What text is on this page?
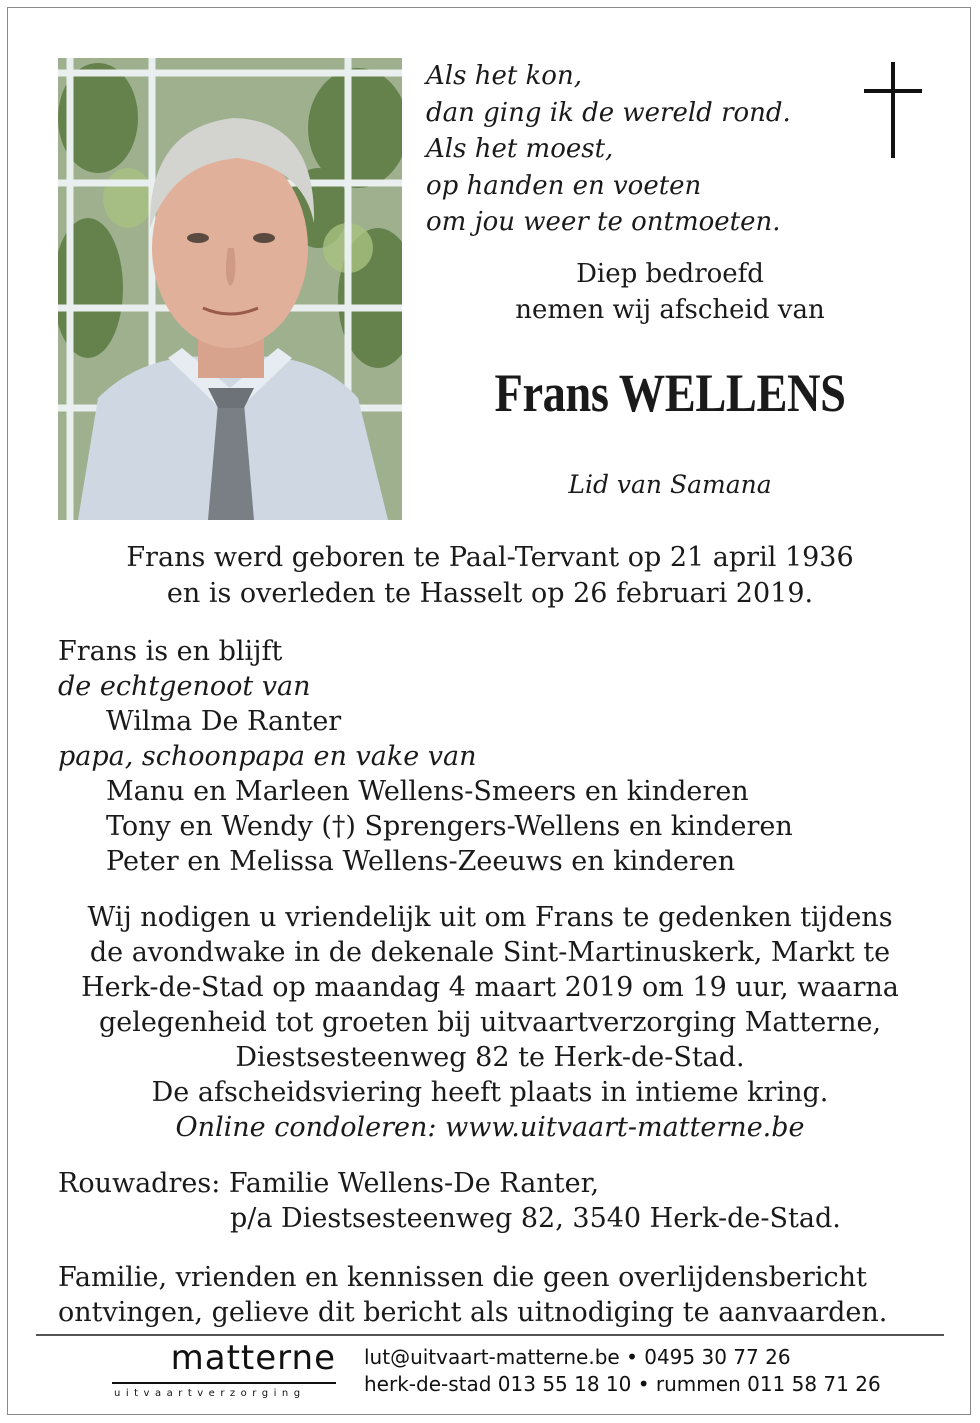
Als het kon,
dan ging ik de wereld rond.
Als het moest,
op handen en voeten
om jou weer te ontmoeten.
Diep bedroefd
nemen wij afscheid van
Frans WELLENS
Lid van Samana
Frans werd geboren te Paal-Tervant op 21 april 1936
en is overleden te Hasselt op 26 februari 2019.
Frans is en blijft
de echtgenoot van
Wilma De Ranter
papa, schoonpapa en vake van
Manu en Marleen Wellens-Smeers en kinderen
Tony en Wendy (†) Sprengers-Wellens en kinderen
Peter en Melissa Wellens-Zeeuws en kinderen
Wij nodigen u vriendelijk uit om Frans te gedenken tijdens
de avondwake in de dekenale Sint-Martinuskerk, Markt te
Herk-de-Stad op maandag 4 maart 2019 om 19 uur, waarna
gelegenheid tot groeten bij uitvaartverzorging Matterne,
Diestsesteenweg 82 te Herk-de-Stad.
De afscheidsviering heeft plaats in intieme kring.
Online condoleren: www.uitvaart-matterne.be
Rouwadres: Familie Wellens-De Ranter,
p/a Diestsesteenweg 82, 3540 Herk-de-Stad.
Familie, vrienden en kennissen die geen overlijdensbericht
ontvingen, gelieve dit bericht als uitnodiging te aanvaarden.
matterne
uitvaartverzorging
lut@uitvaart-matterne.be • 0495 30 77 26
herk-de-stad 013 55 18 10 • rummen 011 58 71 26
